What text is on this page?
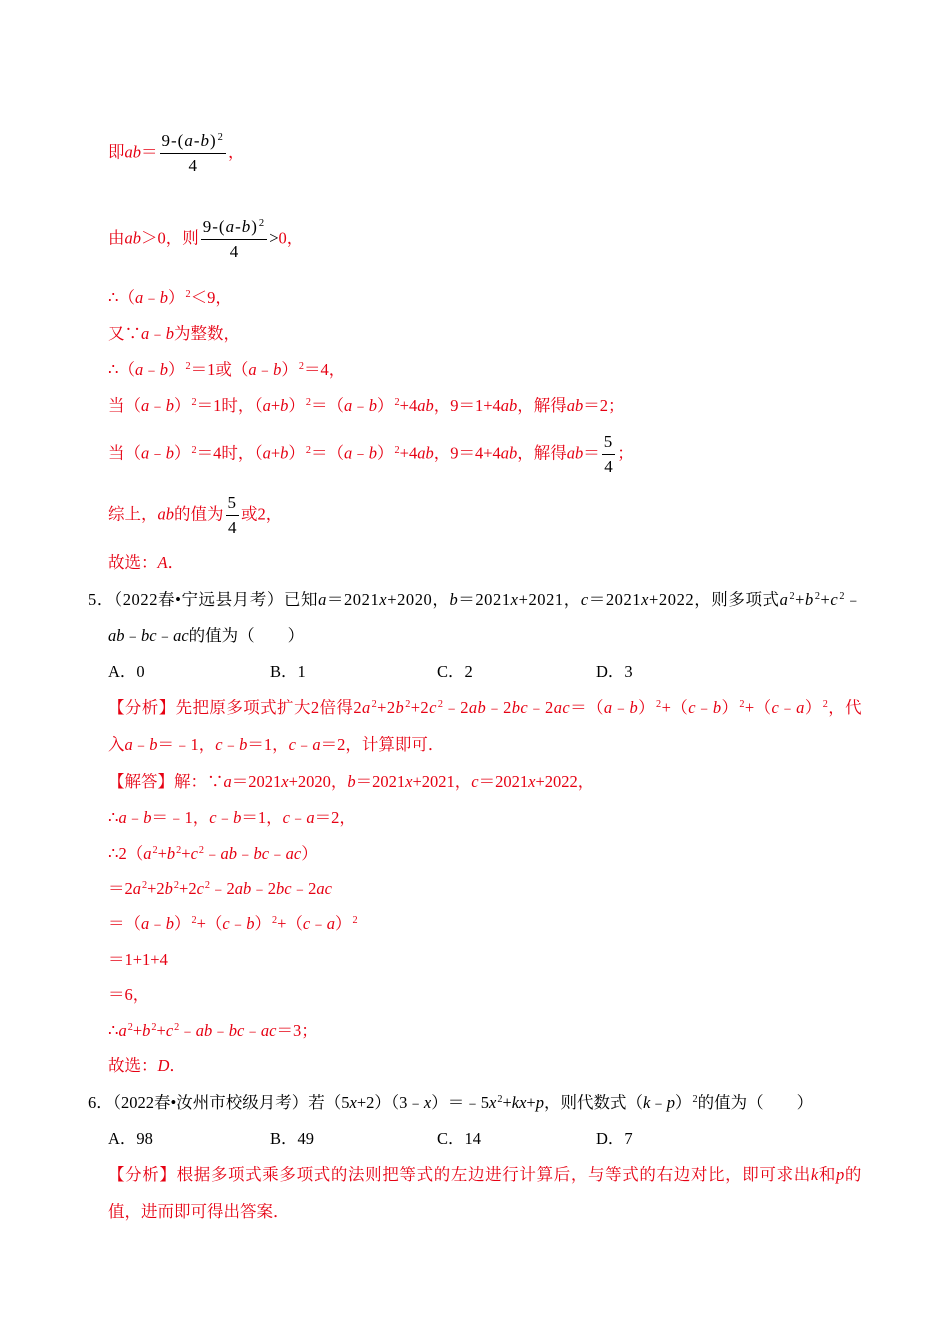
即$ab= \frac{9-(a-b)^2}{4}$ ，
由ab＞0，则 $\frac{9-(a-b)^2}{4} >0$，
∴（a﹣b）$^2$＜9，
又∵a﹣b为整数，
∴（a﹣b）$^2$＝1或（a﹣b）$^2$＝4，
当（a﹣b）$^2$＝1时，$(a+b)^2=(a﹣b)^2+4ab$，9＝1+4ab，解得ab＝2；
当（a﹣b）$^2$＝4时，$(a+b)^2=(a﹣b)^2+4ab$，9＝4+4ab，解得$ab= \frac{5}{4}$ ；
综上，ab的值为 $\frac{5}{4}$ 或2，
故选：A．
5．（2022春•宁远县月考）已知a＝2021x+2020，b＝2021x+2021，c＝2021x+2022，则多项式$a^2+b^2+c^2﹣$
ab﹣bc﹣ac的值为（　　）
A．0	B．1	C．2	D．3
【分析】先把原多项式扩大2倍得$2a^2+2b^2+2c^2﹣2ab﹣2bc﹣2ac=(a﹣b)^2+(c﹣b)^2+(c﹣a)^2$，代
入a﹣b＝﹣1，c﹣b＝1，c﹣a＝2，计算即可．
【解答】解：∵a＝2021x+2020，b＝2021x+2021，c＝2021x+2022，
∴a﹣b＝﹣1，c﹣b＝1，c﹣a＝2，
$\therefore 2(a^2+b^2+c^2﹣ab﹣bc﹣ac)$
$=2a^2+2b^2+2c^2﹣2ab﹣2bc﹣2ac$
＝（a﹣b）$^2$+（c﹣b）$^2$+（c﹣a）$^2$
＝1+1+4
＝6，
$\therefore a^2+b^2+c^2﹣ab﹣bc﹣ac=3$；
故选：D．
6．（2022春•汝州市校级月考）若$(5x+2)(3﹣x)=﹣5x^2+kx+p$，则代数式（k﹣p）$^2$的值为（　　）
A．98	B．49	C．14	D．7
【分析】根据多项式乘多项式的法则把等式的左边进行计算后，与等式的右边对比，即可求出k和p的
值，进而即可得出答案．
